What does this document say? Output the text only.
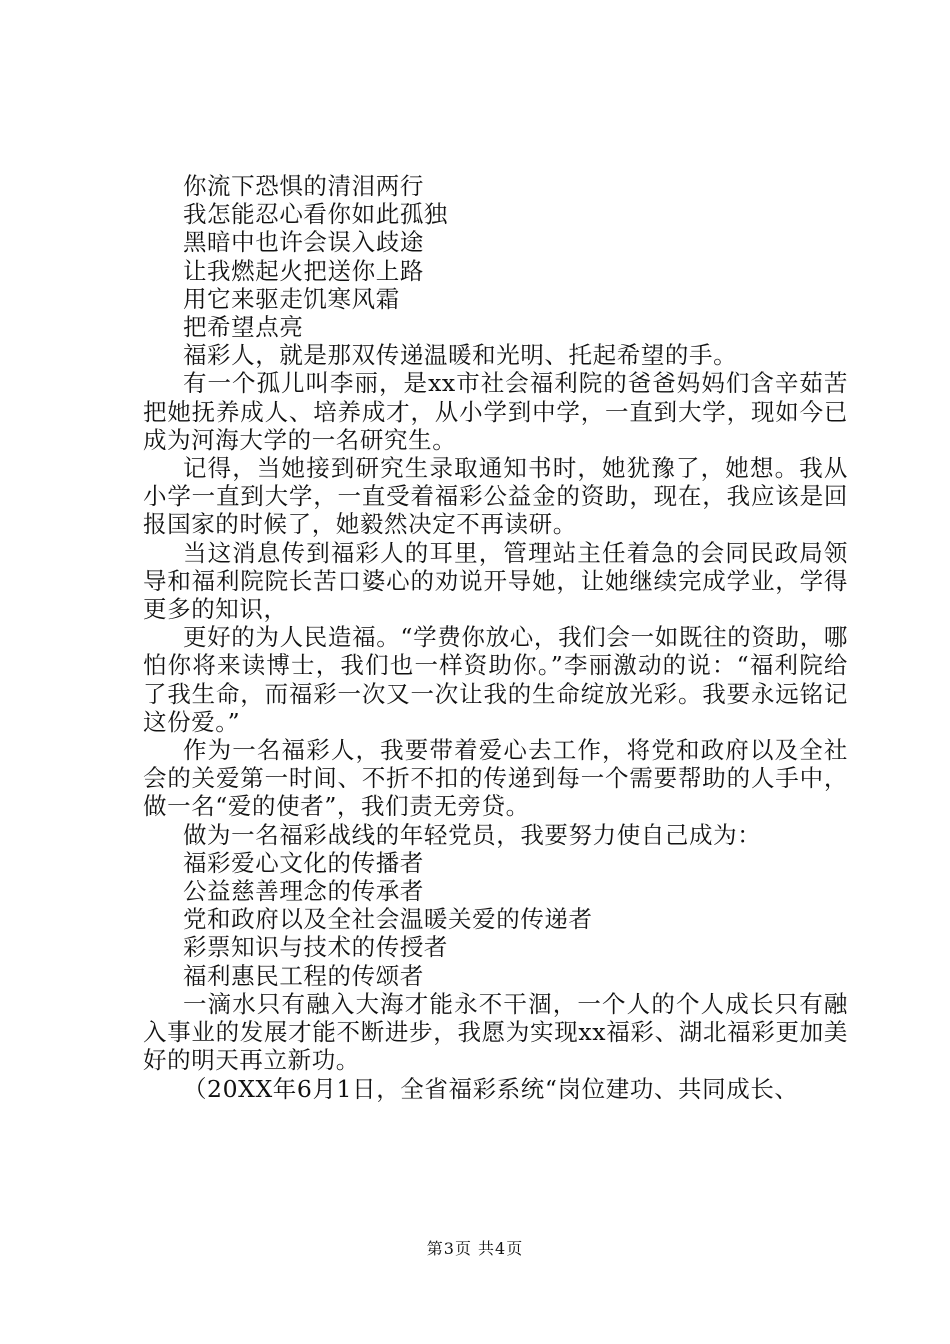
你流下恐惧的清泪两行

我怎能忍心看你如此孤独

黑暗中也许会误入歧途

让我燃起火把送你上路

用它来驱走饥寒风霜

把希望点亮

福彩人，就是那双传递温暖和光明、托起希望的手。

有一个孤儿叫李丽，是xx市社会福利院的爸爸妈妈们含辛茹苦把她抚养成人、培养成才，从小学到中学，一直到大学，现如今已成为河海大学的一名研究生。

记得，当她接到研究生录取通知书时，她犹豫了，她想。我从小学一直到大学，一直受着福彩公益金的资助，现在，我应该是回报国家的时候了，她毅然决定不再读研。

当这消息传到福彩人的耳里，管理站主任着急的会同民政局领导和福利院院长苦口婆心的劝说开导她，让她继续完成学业，学得更多的知识，

更好的为人民造福。“学费你放心，我们会一如既往的资助，哪怕你将来读博士，我们也一样资助你。”李丽激动的说：“福利院给了我生命，而福彩一次又一次让我的生命绽放光彩。我要永远铭记这份爱。”

作为一名福彩人，我要带着爱心去工作，将党和政府以及全社会的关爱第一时间、不折不扣的传递到每一个需要帮助的人手中，做一名“爱的使者”，我们责无旁贷。

做为一名福彩战线的年轻党员，我要努力使自己成为：

福彩爱心文化的传播者

公益慈善理念的传承者

党和政府以及全社会温暖关爱的传递者

彩票知识与技术的传授者

福利惠民工程的传颂者

一滴水只有融入大海才能永不干涸，一个人的个人成长只有融入事业的发展才能不断进步，我愿为实现xx福彩、湖北福彩更加美好的明天再立新功。

（20XX年6月1日，全省福彩系统“岗位建功、共同成长、

第3页 共4页
